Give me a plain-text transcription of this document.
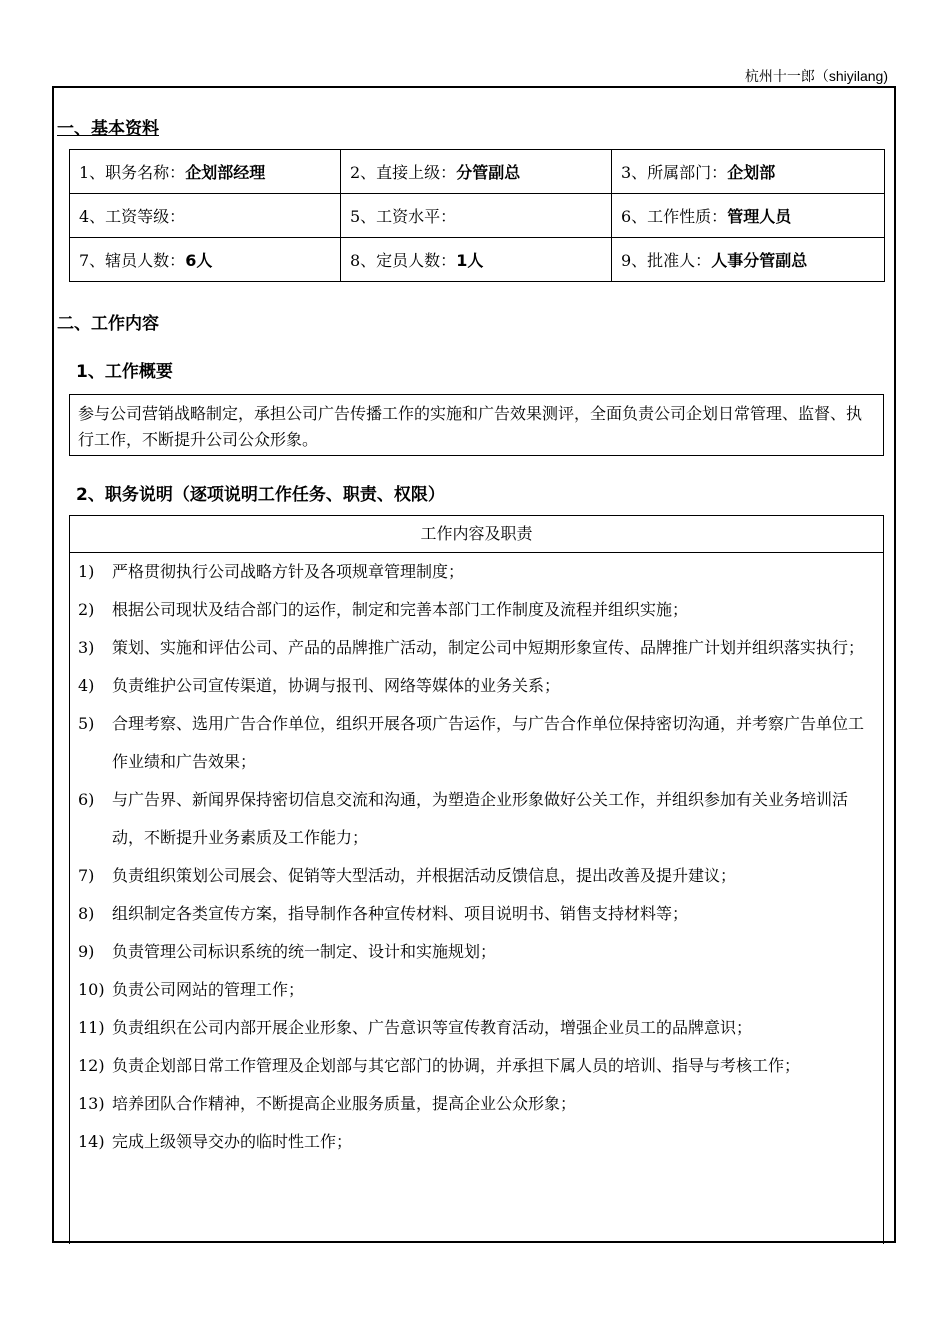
杭州十一郎（shiyilang)
一、基本资料
1、职务名称：企划部经理	2、直接上级：分管副总	3、所属部门：企划部
4、工资等级：	5、工资水平：	6、工作性质：管理人员
7、辖员人数：6人	8、定员人数：1人	9、批准人：人事分管副总
二、工作内容
1、工作概要
参与公司营销战略制定，承担公司广告传播工作的实施和广告效果测评，全面负责公司企划日常管理、监督、执行工作，不断提升公司公众形象。
2、职务说明（逐项说明工作任务、职责、权限）
工作内容及职责
1) 严格贯彻执行公司战略方针及各项规章管理制度；
2) 根据公司现状及结合部门的运作，制定和完善本部门工作制度及流程并组织实施；
3) 策划、实施和评估公司、产品的品牌推广活动，制定公司中短期形象宣传、品牌推广计划并组织落实执行；
4) 负责维护公司宣传渠道，协调与报刊、网络等媒体的业务关系；
5) 合理考察、选用广告合作单位，组织开展各项广告运作，与广告合作单位保持密切沟通，并考察广告单位工作业绩和广告效果；
6) 与广告界、新闻界保持密切信息交流和沟通，为塑造企业形象做好公关工作，并组织参加有关业务培训活动，不断提升业务素质及工作能力；
7) 负责组织策划公司展会、促销等大型活动，并根据活动反馈信息，提出改善及提升建议；
8) 组织制定各类宣传方案，指导制作各种宣传材料、项目说明书、销售支持材料等；
9) 负责管理公司标识系统的统一制定、设计和实施规划；
10) 负责公司网站的管理工作；
11) 负责组织在公司内部开展企业形象、广告意识等宣传教育活动，增强企业员工的品牌意识；
12) 负责企划部日常工作管理及企划部与其它部门的协调，并承担下属人员的培训、指导与考核工作；
13) 培养团队合作精神，不断提高企业服务质量，提高企业公众形象；
14) 完成上级领导交办的临时性工作；
